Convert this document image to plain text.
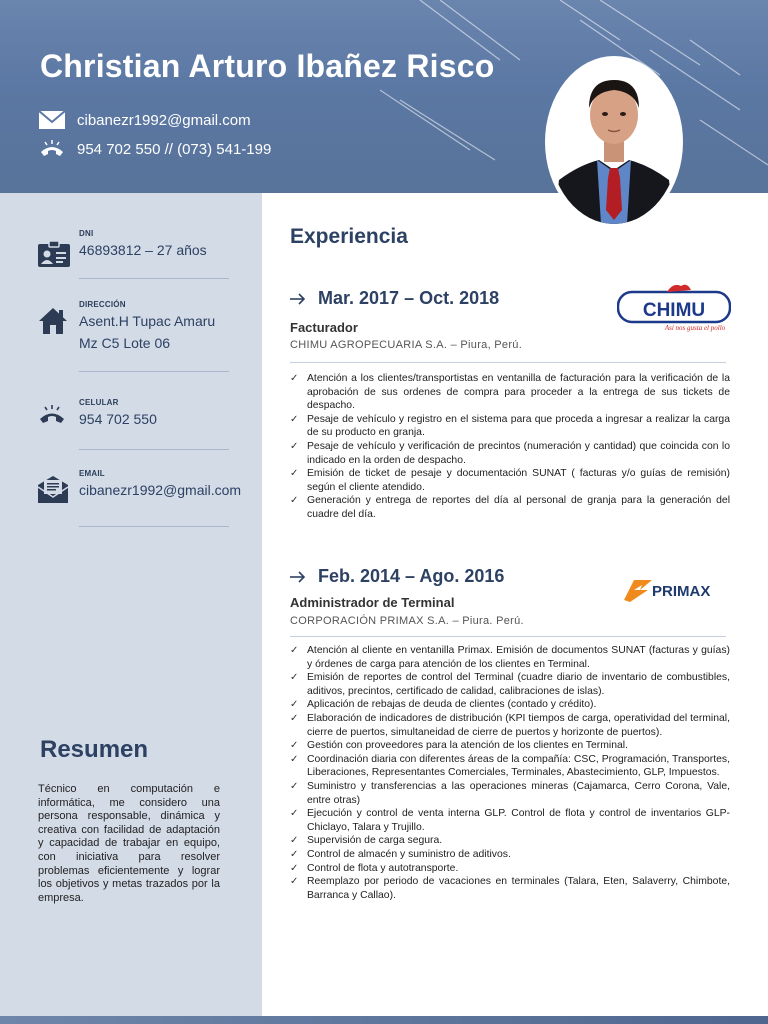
Christian Arturo Ibañez Risco
cibanezr1992@gmail.com
954 702 550 // (073) 541-199
DNI
46893812 – 27 años
DIRECCIÓN
Asent.H Tupac Amaru
Mz C5 Lote 06
CELULAR
954 702 550
EMAIL
cibanezr1992@gmail.com
Resumen
Técnico en computación e informática, me considero una persona responsable, dinámica y creativa con facilidad de adaptación y capacidad de trabajar en equipo, con iniciativa para resolver problemas eficientemente y lograr los objetivos y metas trazados por la empresa.
Experiencia
Mar. 2017 – Oct. 2018
Facturador
CHIMU AGROPECUARIA S.A. – Piura, Perú.
✓ Atención a los clientes/transportistas en ventanilla de facturación para la verificación de la aprobación de sus ordenes de compra para proceder a la entrega de sus tickets de despacho.
✓ Pesaje de vehículo y registro en el sistema para que proceda a ingresar a realizar la carga de su producto en granja.
✓ Pesaje de vehículo y verificación de precintos (numeración y cantidad) que coincida con lo indicado en la orden de despacho.
✓ Emisión de ticket de pesaje y documentación SUNAT ( facturas y/o guías de remisión) según el cliente atendido.
✓ Generación y entrega de reportes del día al personal de granja para la generación del cuadre del día.
CHIMU
Así nos gusta el pollo
Feb. 2014 – Ago. 2016
Administrador de Terminal
CORPORACIÓN PRIMAX S.A. – Piura. Perú.
✓ Atención al cliente en ventanilla Primax. Emisión de documentos SUNAT (facturas y guías) y órdenes de carga para atención de los clientes en Terminal.
✓ Emisión de reportes de control del Terminal (cuadre diario de inventario de combustibles, aditivos, precintos, certificado de calidad, calibraciones de islas).
✓ Aplicación de rebajas de deuda de clientes (contado y crédito).
✓ Elaboración de indicadores de distribución (KPI tiempos de carga, operatividad del terminal, cierre de puertos, simultaneidad de cierre de puertos y horizonte de puertos).
✓ Gestión con proveedores para la atención de los clientes en Terminal.
✓ Coordinación diaria con diferentes áreas de la compañía: CSC, Programación, Transportes, Liberaciones, Representantes Comerciales, Terminales, Abastecimiento, GLP, Impuestos.
✓ Suministro y transferencias a las operaciones mineras (Cajamarca, Cerro Corona, Vale, entre otras)
✓ Ejecución y control de venta interna GLP. Control de flota y control de inventarios GLP-Chiclayo, Talara y Trujillo.
✓ Supervisión de carga segura.
✓ Control de almacén y suministro de aditivos.
✓ Control de flota y autotransporte.
✓ Reemplazo por periodo de vacaciones en terminales (Talara, Eten, Salaverry, Chimbote, Barranca y Callao).
PRIMAX
